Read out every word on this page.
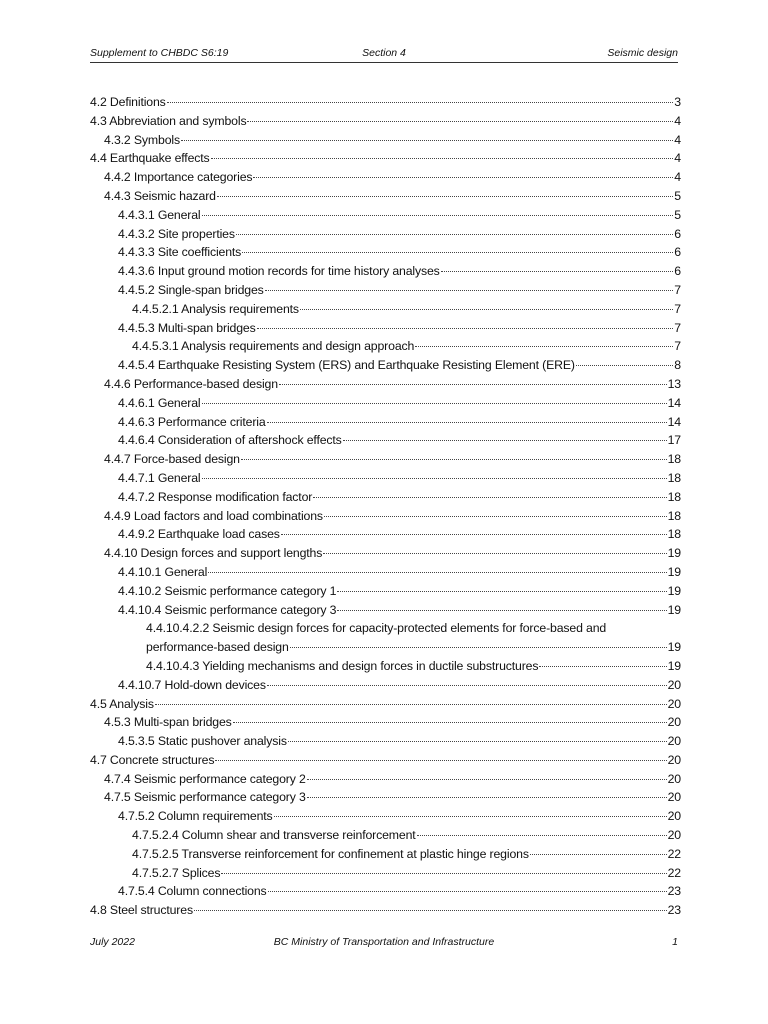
Supplement to CHBDC S6:19	Section 4	Seismic design
4.2 Definitions	3
4.3 Abbreviation and symbols	4
4.3.2 Symbols	4
4.4 Earthquake effects	4
4.4.2 Importance categories	4
4.4.3 Seismic hazard	5
4.4.3.1 General	5
4.4.3.2 Site properties	6
4.4.3.3 Site coefficients	6
4.4.3.6 Input ground motion records for time history analyses	6
4.4.5.2 Single-span bridges	7
4.4.5.2.1 Analysis requirements	7
4.4.5.3 Multi-span bridges	7
4.4.5.3.1 Analysis requirements and design approach	7
4.4.5.4 Earthquake Resisting System (ERS) and Earthquake Resisting Element (ERE)	8
4.4.6 Performance-based design	13
4.4.6.1 General	14
4.4.6.3 Performance criteria	14
4.4.6.4 Consideration of aftershock effects	17
4.4.7 Force-based design	18
4.4.7.1 General	18
4.4.7.2 Response modification factor	18
4.4.9 Load factors and load combinations	18
4.4.9.2 Earthquake load cases	18
4.4.10 Design forces and support lengths	19
4.4.10.1 General	19
4.4.10.2 Seismic performance category 1	19
4.4.10.4 Seismic performance category 3	19
4.4.10.4.2.2 Seismic design forces for capacity-protected elements for force-based and
performance-based design	19
4.4.10.4.3 Yielding mechanisms and design forces in ductile substructures	19
4.4.10.7 Hold-down devices	20
4.5 Analysis	20
4.5.3 Multi-span bridges	20
4.5.3.5 Static pushover analysis	20
4.7 Concrete structures	20
4.7.4 Seismic performance category 2	20
4.7.5 Seismic performance category 3	20
4.7.5.2 Column requirements	20
4.7.5.2.4 Column shear and transverse reinforcement	20
4.7.5.2.5 Transverse reinforcement for confinement at plastic hinge regions	22
4.7.5.2.7 Splices	22
4.7.5.4 Column connections	23
4.8 Steel structures	23
July 2022	BC Ministry of Transportation and Infrastructure	1
